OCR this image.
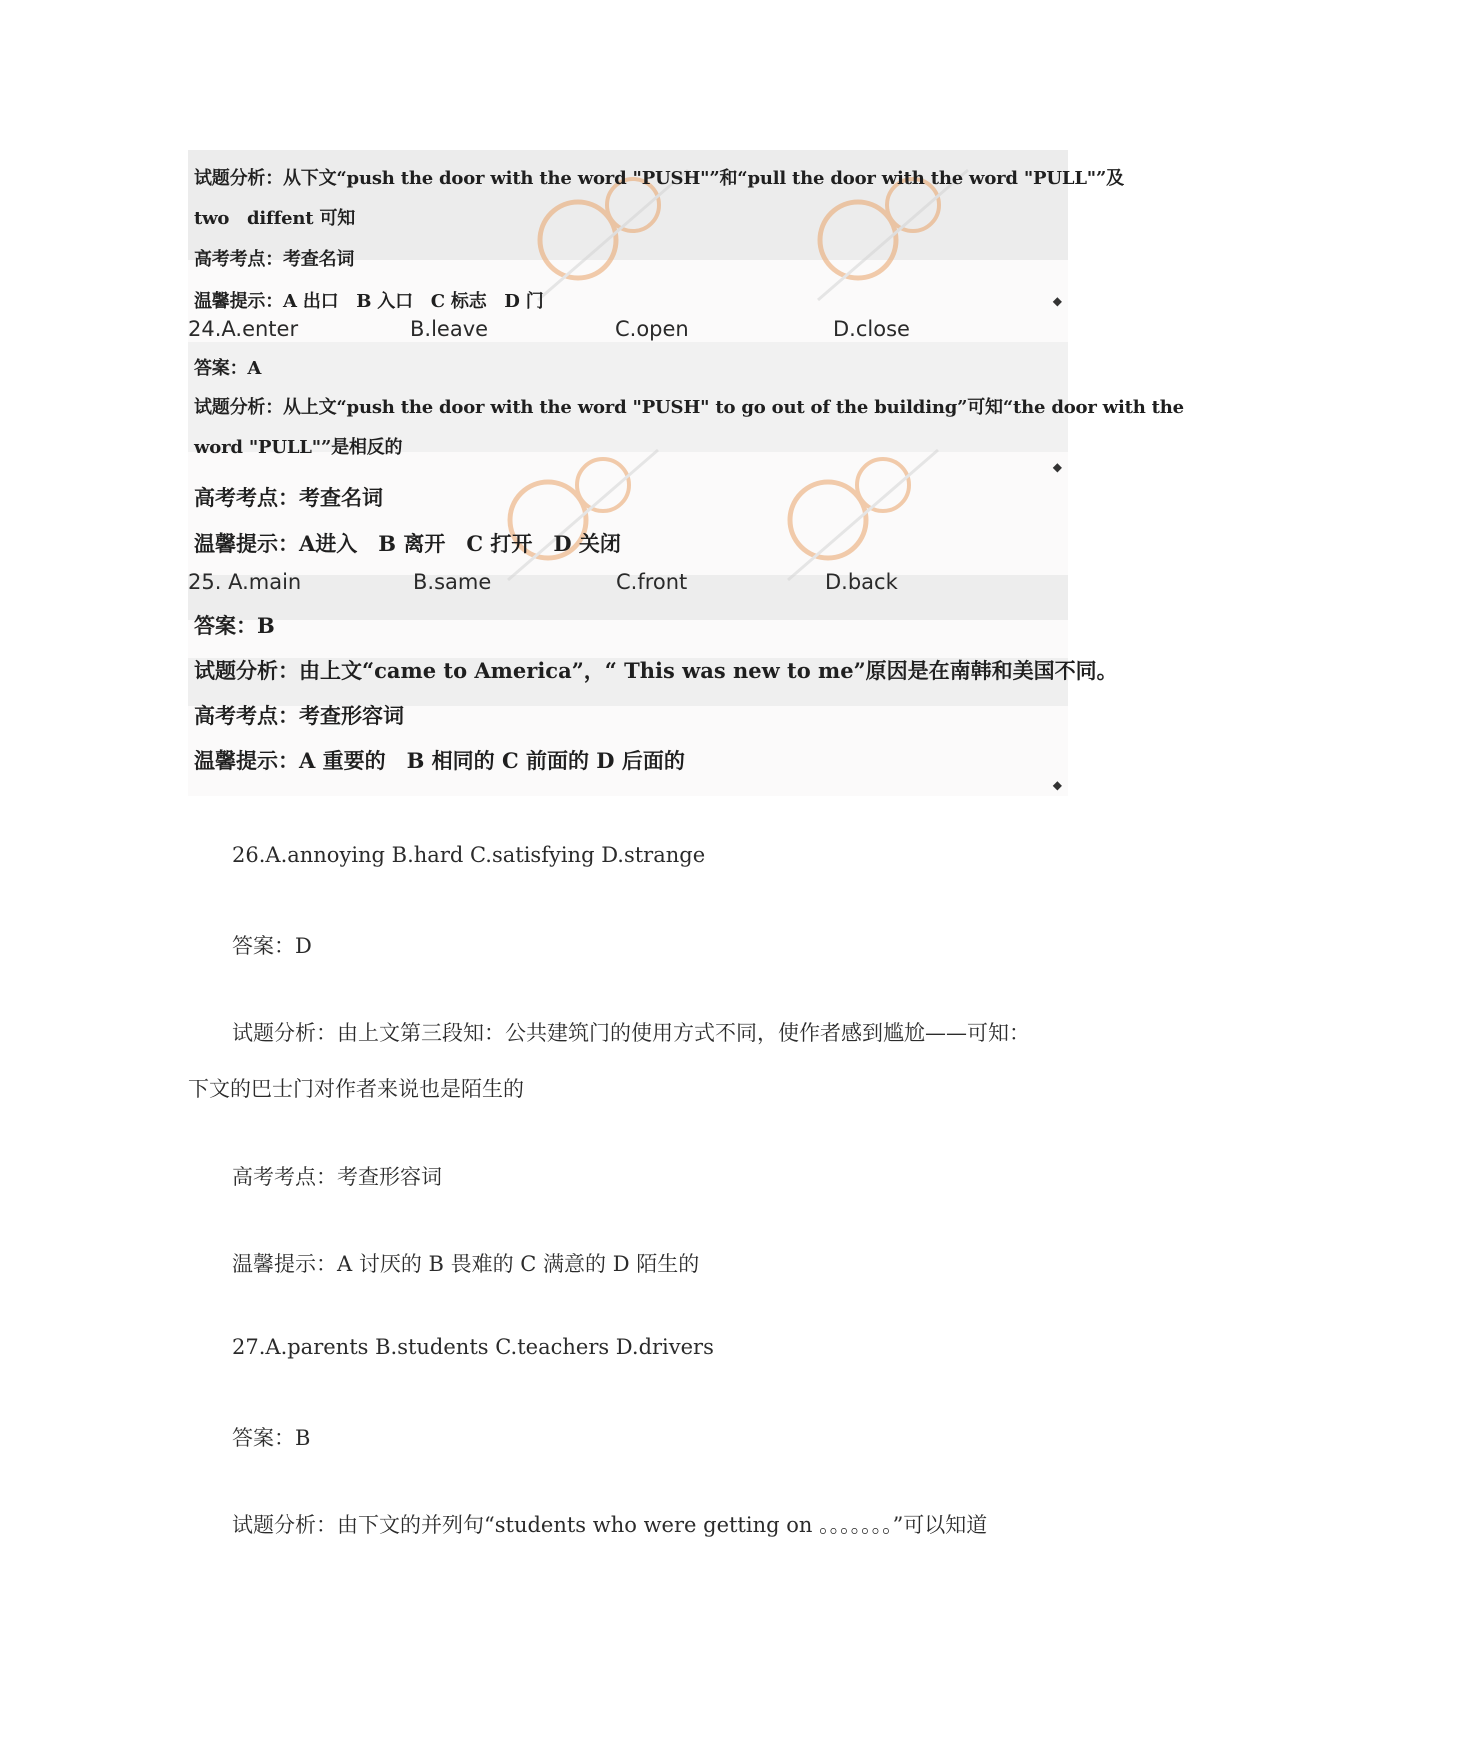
试题分析：从下文“push the door with the word "PUSH"”和“pull the door with the word "PULL"”及
two　diffent 可知
高考考点：考查名词
温馨提示：A 出口　B 入口　C 标志　D 门	◆
24.A.enter	B.leave	C.open	D.close
答案：A
试题分析：从上文“push the door with the word "PUSH" to go out of the building”可知“the door with the
word "PULL"”是相反的
◆
高考考点：考查名词
温馨提示：A进入　B 离开　C 打开　D 关闭
25. A.main	B.same	C.front	D.back
答案：B
试题分析：由上文“came to America”，“ This was new to me”原因是在南韩和美国不同。
高考考点：考查形容词
温馨提示：A 重要的　B 相同的 C 前面的 D 后面的
◆
26.A.annoying B.hard C.satisfying D.strange
答案：D
试题分析：由上文第三段知：公共建筑门的使用方式不同，使作者感到尴尬——可知：
下文的巴士门对作者来说也是陌生的
高考考点：考查形容词
温馨提示：A 讨厌的 B 畏难的 C 满意的 D 陌生的
27.A.parents B.students C.teachers D.drivers
答案：B
试题分析：由下文的并列句“students who were getting on 。。。。。。。”可以知道
